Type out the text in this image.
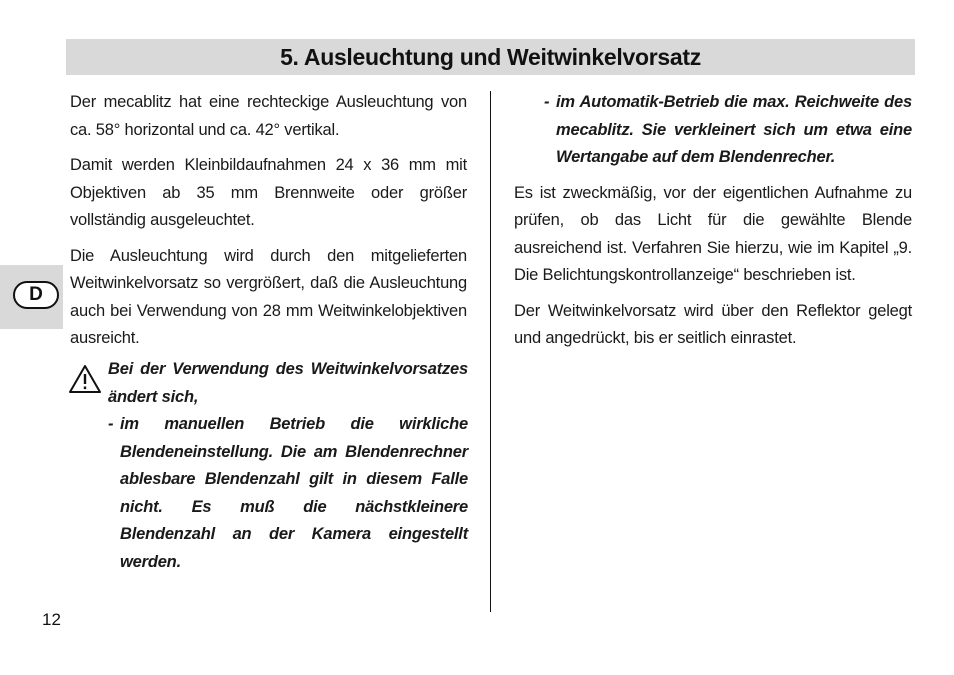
5. Ausleuchtung und Weitwinkelvorsatz
D

Der mecablitz hat eine rechteckige Ausleuchtung von ca. 58° horizontal und ca. 42° vertikal.

Damit werden Kleinbildaufnahmen 24 x 36 mm mit Objektiven ab 35 mm Brennweite oder größer vollständig ausgeleuchtet.

Die Ausleuchtung wird durch den mitgelieferten Weitwinkelvorsatz so vergrößert, daß die Ausleuchtung auch bei Verwendung von 28 mm Weitwinkelobjektiven ausreicht.

Bei der Verwendung des Weitwinkelvorsatzes ändert sich,
- im manuellen Betrieb die wirkliche Blendeneinstellung. Die am Blendenrechner ablesbare Blendenzahl gilt in diesem Falle nicht. Es muß die nächstkleinere Blendenzahl an der Kamera eingestellt werden.
- im Automatik-Betrieb die max. Reichweite des mecablitz. Sie verkleinert sich um etwa eine Wertangabe auf dem Blendenrecher.

Es ist zweckmäßig, vor der eigentlichen Aufnahme zu prüfen, ob das Licht für die gewählte Blende ausreichend ist. Verfahren Sie hierzu, wie im Kapitel „9. Die Belichtungskontrollanzeige“ beschrieben ist.

Der Weitwinkelvorsatz wird über den Reflektor gelegt und angedrückt, bis er seitlich einrastet.

12
